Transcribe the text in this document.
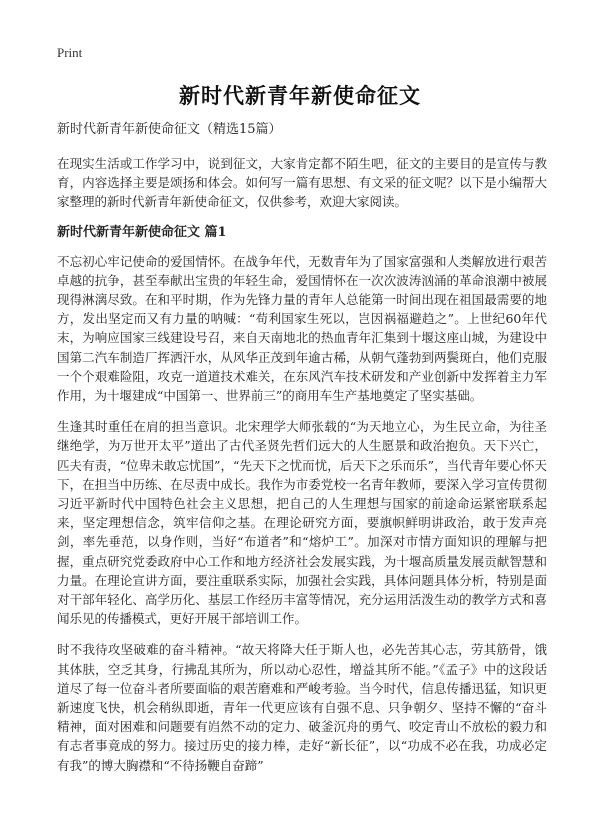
Print
新时代新青年新使命征文
新时代新青年新使命征文（精选15篇）

在现实生活或工作学习中，说到征文，大家肯定都不陌生吧，征文的主要目的是宣传与教育，内容选择主要是颂扬和体会。如何写一篇有思想、有文采的征文呢？以下是小编帮大家整理的新时代新青年新使命征文，仅供参考，欢迎大家阅读。

新时代新青年新使命征文 篇1

不忘初心牢记使命的爱国情怀。在战争年代，无数青年为了国家富强和人类解放进行艰苦卓越的抗争，甚至奉献出宝贵的年轻生命，爱国情怀在一次次波涛汹涌的革命浪潮中被展现得淋漓尽致。在和平时期，作为先锋力量的青年人总能第一时间出现在祖国最需要的地方，发出坚定而又有力量的呐喊：“苟利国家生死以，岂因祸福避趋之”。上世纪60年代末，为响应国家三线建设号召，来自天南地北的热血青年汇集到十堰这座山城，为建设中国第二汽车制造厂挥洒汗水，从风华正茂到年逾古稀，从朝气蓬勃到两鬓斑白，他们克服一个个艰难险阻，攻克一道道技术难关，在东风汽车技术研发和产业创新中发挥着主力军作用，为十堰建成“中国第一、世界前三”的商用车生产基地奠定了坚实基础。

生逢其时重任在肩的担当意识。北宋理学大师张载的“为天地立心，为生民立命，为往圣继绝学，为万世开太平”道出了古代圣贤先哲们远大的人生愿景和政治抱负。天下兴亡，匹夫有责，“位卑未敢忘忧国”，“先天下之忧而忧，后天下之乐而乐”，当代青年要心怀天下，在担当中历练、在尽责中成长。我作为市委党校一名青年教师，要深入学习宣传贯彻习近平新时代中国特色社会主义思想，把自己的人生理想与国家的前途命运紧密联系起来，坚定理想信念，筑牢信仰之基。在理论研究方面，要旗帜鲜明讲政治，敢于发声亮剑，率先垂范，以身作则，当好“布道者”和“熔炉工”。加深对市情方面知识的理解与把握，重点研究党委政府中心工作和地方经济社会发展实践，为十堰高质量发展贡献智慧和力量。在理论宣讲方面，要注重联系实际，加强社会实践，具体问题具体分析，特别是面对干部年轻化、高学历化、基层工作经历丰富等情况，充分运用活泼生动的教学方式和喜闻乐见的传播模式，更好开展干部培训工作。

时不我待攻坚破难的奋斗精神。“故天将降大任于斯人也，必先苦其心志，劳其筋骨，饿其体肤，空乏其身，行拂乱其所为，所以动心忍性，增益其所不能。”《孟子》中的这段话道尽了每一位奋斗者所要面临的艰苦磨难和严峻考验。当今时代，信息传播迅猛，知识更新速度飞快，机会稍纵即逝，青年一代更应该有自强不息、只争朝夕、坚持不懈的“奋斗精神，面对困难和问题要有岿然不动的定力、破釜沉舟的勇气、咬定青山不放松的毅力和有志者事竟成的努力。接过历史的接力棒，走好“新长征”，以“功成不必在我，功成必定有我”的博大胸襟和“不待扬鞭自奋蹄”
